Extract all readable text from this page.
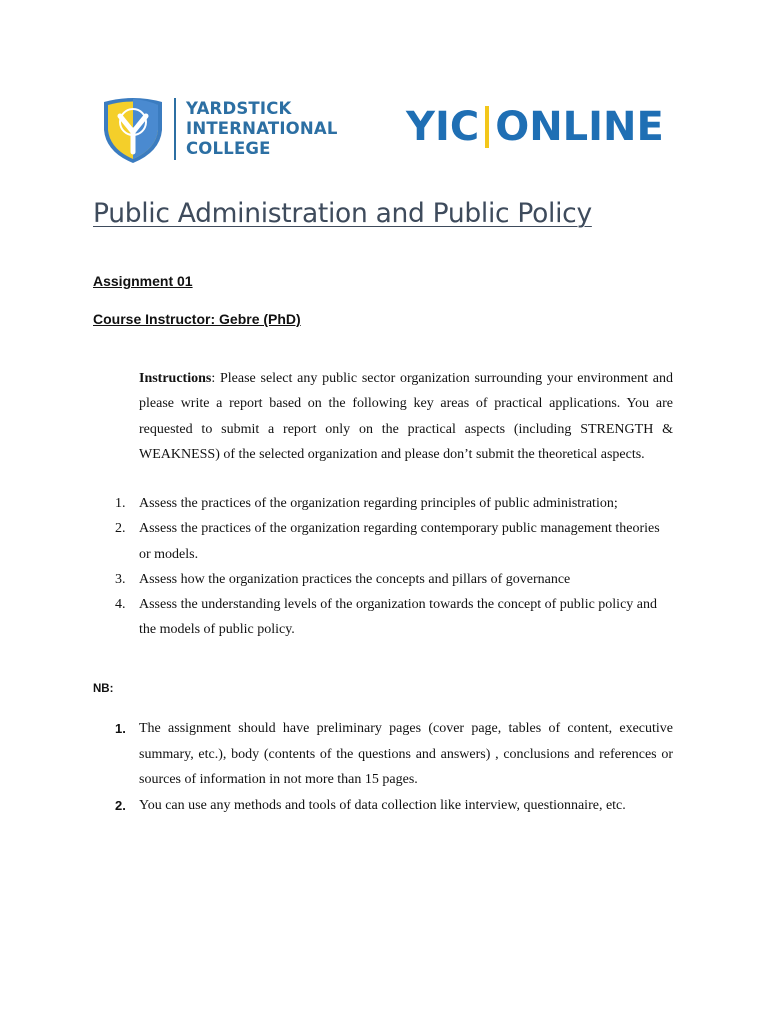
YARDSTICK
INTERNATIONAL
COLLEGE	YIC ONLINE
Public Administration and Public Policy
Assignment 01
Course Instructor: Gebre (PhD)
Instructions: Please select any public sector organization surrounding your environment and please write a report based on the following key areas of practical applications. You are requested to submit a report only on the practical aspects (including STRENGTH & WEAKNESS) of the selected organization and please don’t submit the theoretical aspects.
1. Assess the practices of the organization regarding principles of public administration;
2. Assess the practices of the organization regarding contemporary public management theories or models.
3. Assess how the organization practices the concepts and pillars of governance
4. Assess the understanding levels of the organization towards the concept of public policy and the models of public policy.
NB:
1. The assignment should have preliminary pages (cover page, tables of content, executive summary, etc.), body (contents of the questions and answers) , conclusions and references or sources of information in not more than 15 pages.
2. You can use any methods and tools of data collection like interview, questionnaire, etc.
